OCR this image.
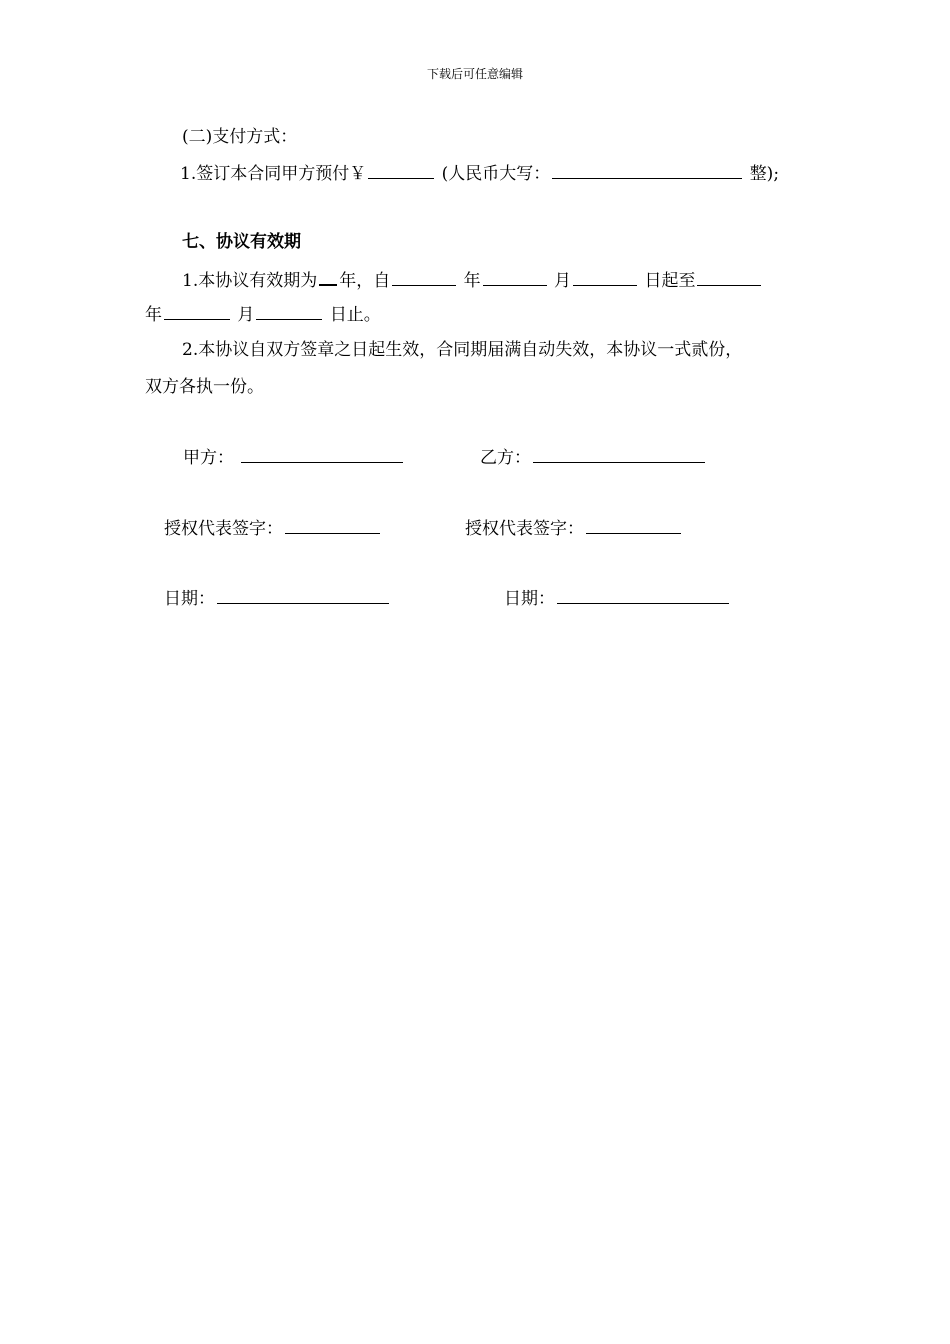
下载后可任意编辑
(二)支付方式：
1.签订本合同甲方预付￥	(人民币大写：	整);
七、协议有效期
1.本协议有效期为 年，自	年	月	日起至
年	月	日止。
2.本协议自双方签章之日起生效，合同期届满自动失效，本协议一式贰份，
双方各执一份。
甲方：	乙方：
授权代表签字：	授权代表签字：
日期：	日期：
